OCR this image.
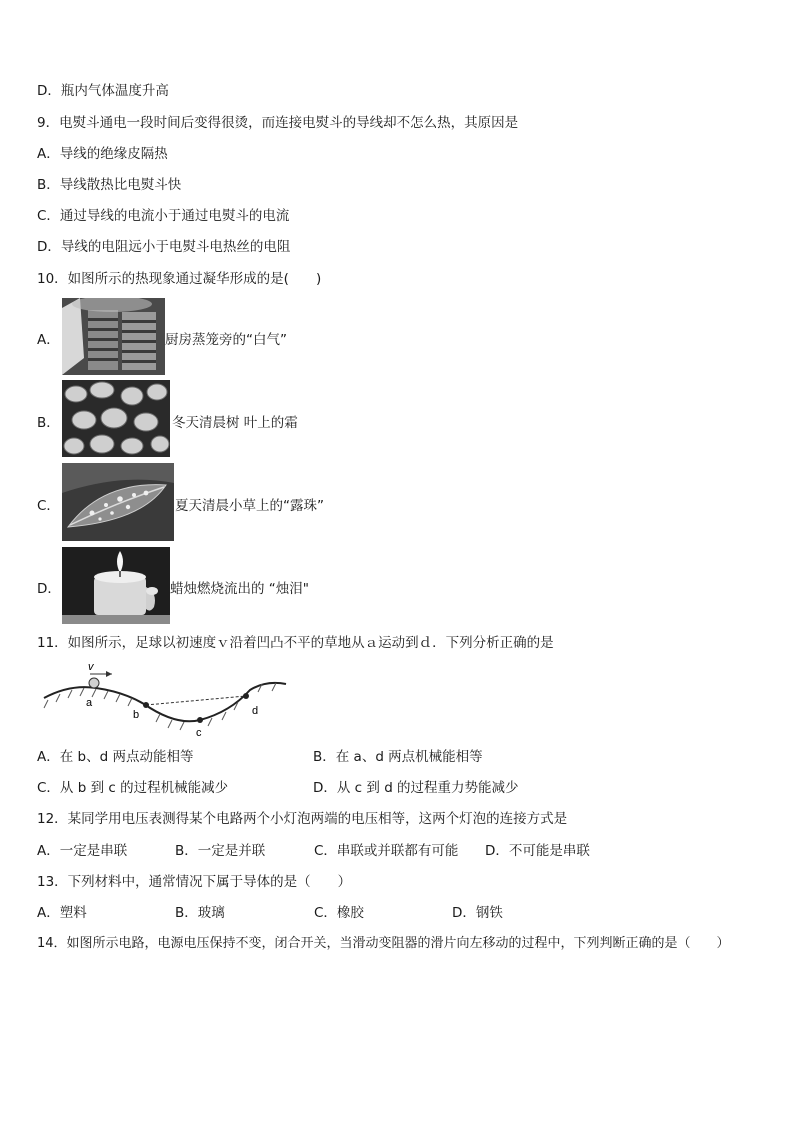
D．瓶内气体温度升高
9．电熨斗通电一段时间后变得很烫，而连接电熨斗的导线却不怎么热，其原因是
A．导线的绝缘皮隔热
B．导线散热比电熨斗快
C．通过导线的电流小于通过电熨斗的电流
D．导线的电阻远小于电熨斗电热丝的电阻
10．如图所示的热现象通过凝华形成的是(　　)
A．	厨房蒸笼旁的“白气”
B．	冬天清晨树 叶上的霜
C．	夏天清晨小草上的“露珠”
D．	蜡烛燃烧流出的 “烛泪"
11．如图所示，足球以初速度ｖ沿着凹凸不平的草地从ａ运动到ｄ．下列分析正确的是
v
a
b
c
d
A．在 b、d 两点动能相等	B．在 a、d 两点机械能相等
C．从 b 到 c 的过程机械能减少	D．从 c 到 d 的过程重力势能减少
12．某同学用电压表测得某个电路两个小灯泡两端的电压相等，这两个灯泡的连接方式是
A．一定是串联	B．一定是并联	C．串联或并联都有可能 D．不可能是串联
13．下列材料中，通常情况下属于导体的是（　　）
A．塑料	B．玻璃	C．橡胶	D．钢铁
14．如图所示电路，电源电压保持不变，闭合开关，当滑动变阻器的滑片向左移动的过程中，下列判断正确的是（　　）
